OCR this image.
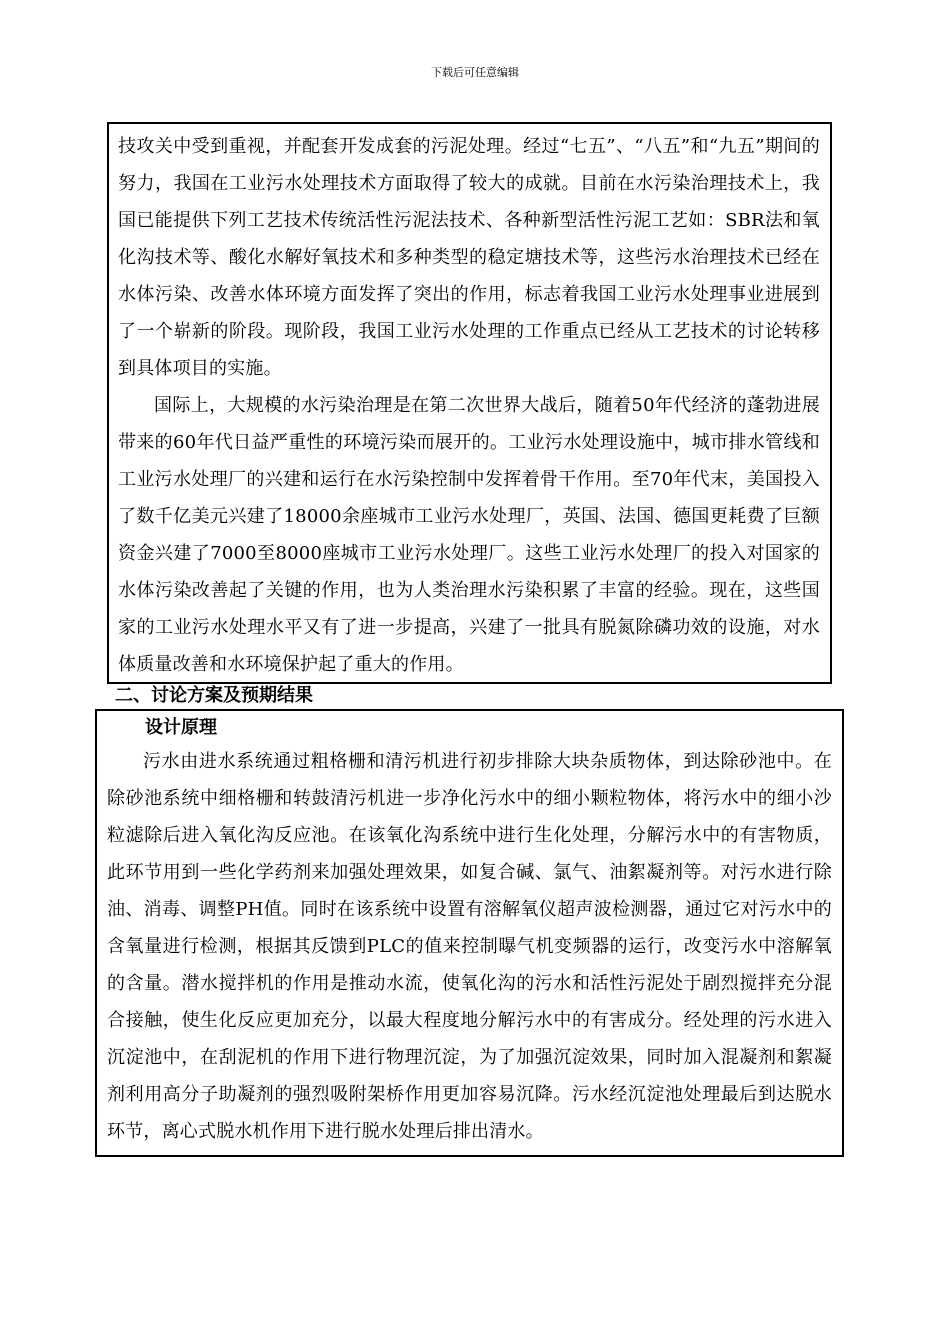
下载后可任意编辑

技攻关中受到重视，并配套开发成套的污泥处理。经过“七五”、“八五”和“九五”期间的努力，我国在工业污水处理技术方面取得了较大的成就。目前在水污染治理技术上，我国已能提供下列工艺技术传统活性污泥法技术、各种新型活性污泥工艺如：SBR法和氧化沟技术等、酸化水解好氧技术和多种类型的稳定塘技术等，这些污水治理技术已经在水体污染、改善水体环境方面发挥了突出的作用，标志着我国工业污水处理事业进展到了一个崭新的阶段。现阶段，我国工业污水处理的工作重点已经从工艺技术的讨论转移到具体项目的实施。

国际上，大规模的水污染治理是在第二次世界大战后，随着50年代经济的蓬勃进展带来的60年代日益严重性的环境污染而展开的。工业污水处理设施中，城市排水管线和工业污水处理厂的兴建和运行在水污染控制中发挥着骨干作用。至70年代末，美国投入了数千亿美元兴建了18000余座城市工业污水处理厂，英国、法国、德国更耗费了巨额资金兴建了7000至8000座城市工业污水处理厂。这些工业污水处理厂的投入对国家的水体污染改善起了关键的作用，也为人类治理水污染积累了丰富的经验。现在，这些国家的工业污水处理水平又有了进一步提高，兴建了一批具有脱氮除磷功效的设施，对水体质量改善和水环境保护起了重大的作用。

二、讨论方案及预期结果

设计原理

污水由进水系统通过粗格栅和清污机进行初步排除大块杂质物体，到达除砂池中。在除砂池系统中细格栅和转鼓清污机进一步净化污水中的细小颗粒物体，将污水中的细小沙粒滤除后进入氧化沟反应池。在该氧化沟系统中进行生化处理，分解污水中的有害物质，此环节用到一些化学药剂来加强处理效果，如复合碱、氯气、油絮凝剂等。对污水进行除油、消毒、调整PH值。同时在该系统中设置有溶解氧仪超声波检测器，通过它对污水中的含氧量进行检测，根据其反馈到PLC的值来控制曝气机变频器的运行，改变污水中溶解氧的含量。潜水搅拌机的作用是推动水流，使氧化沟的污水和活性污泥处于剧烈搅拌充分混合接触，使生化反应更加充分，以最大程度地分解污水中的有害成分。经处理的污水进入沉淀池中，在刮泥机的作用下进行物理沉淀，为了加强沉淀效果，同时加入混凝剂和絮凝剂利用高分子助凝剂的强烈吸附架桥作用更加容易沉降。污水经沉淀池处理最后到达脱水环节，离心式脱水机作用下进行脱水处理后排出清水。
